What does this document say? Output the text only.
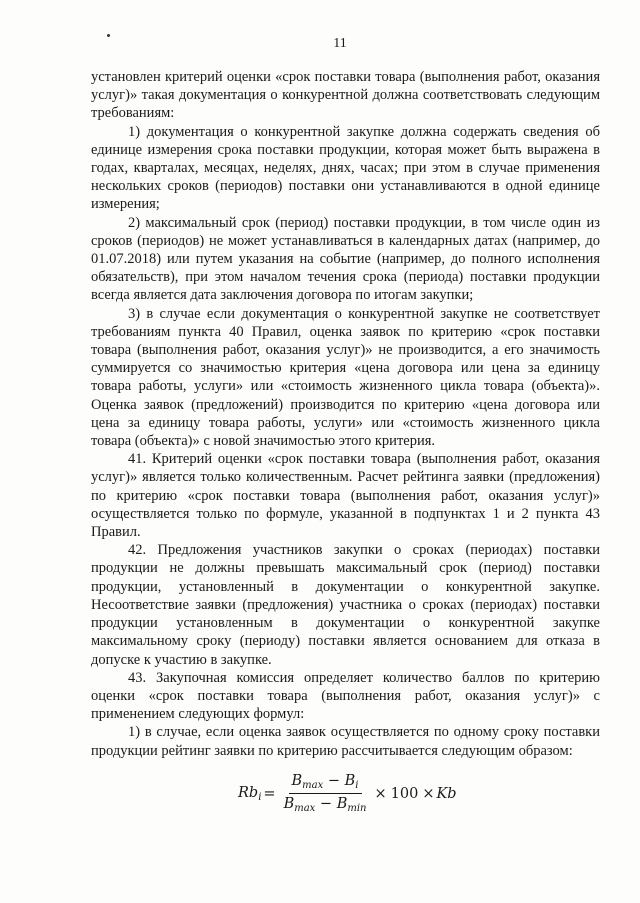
11

установлен критерий оценки «срок поставки товара (выполнения работ, оказания услуг)» такая документация о конкурентной должна соответствовать следующим требованиям:

1) документация о конкурентной закупке должна содержать сведения об единице измерения срока поставки продукции, которая может быть выражена в годах, кварталах, месяцах, неделях, днях, часах; при этом в случае применения нескольких сроков (периодов) поставки они устанавливаются в одной единице измерения;

2) максимальный срок (период) поставки продукции, в том числе один из сроков (периодов) не может устанавливаться в календарных датах (например, до 01.07.2018) или путем указания на событие (например, до полного исполнения обязательств), при этом началом течения срока (периода) поставки продукции всегда является дата заключения договора по итогам закупки;

3) в случае если документация о конкурентной закупке не соответствует требованиям пункта 40 Правил, оценка заявок по критерию «срок поставки товара (выполнения работ, оказания услуг)» не производится, а его значимость суммируется со значимостью критерия «цена договора или цена за единицу товара работы, услуги» или «стоимость жизненного цикла товара (объекта)». Оценка заявок (предложений) производится по критерию «цена договора или цена за единицу товара работы, услуги» или «стоимость жизненного цикла товара (объекта)» с новой значимостью этого критерия.

41. Критерий оценки «срок поставки товара (выполнения работ, оказания услуг)» является только количественным. Расчет рейтинга заявки (предложения) по критерию «срок поставки товара (выполнения работ, оказания услуг)» осуществляется только по формуле, указанной в подпунктах 1 и 2 пункта 43 Правил.

42. Предложения участников закупки о сроках (периодах) поставки продукции не должны превышать максимальный срок (период) поставки продукции, установленный в документации о конкурентной закупке. Несоответствие заявки (предложения) участника о сроках (периодах) поставки продукции установленным в документации о конкурентной закупке максимальному сроку (периоду) поставки является основанием для отказа в допуске к участию в закупке.

43. Закупочная комиссия определяет количество баллов по критерию оценки «срок поставки товара (выполнения работ, оказания услуг)» с применением следующих формул:

1) в случае, если оценка заявок осуществляется по одному сроку поставки продукции рейтинг заявки по критерию рассчитывается следующим образом:

$Rb_i = \frac{B_{max} - B_i}{B_{max} - B_{min}} \times 100 \times Kb$
